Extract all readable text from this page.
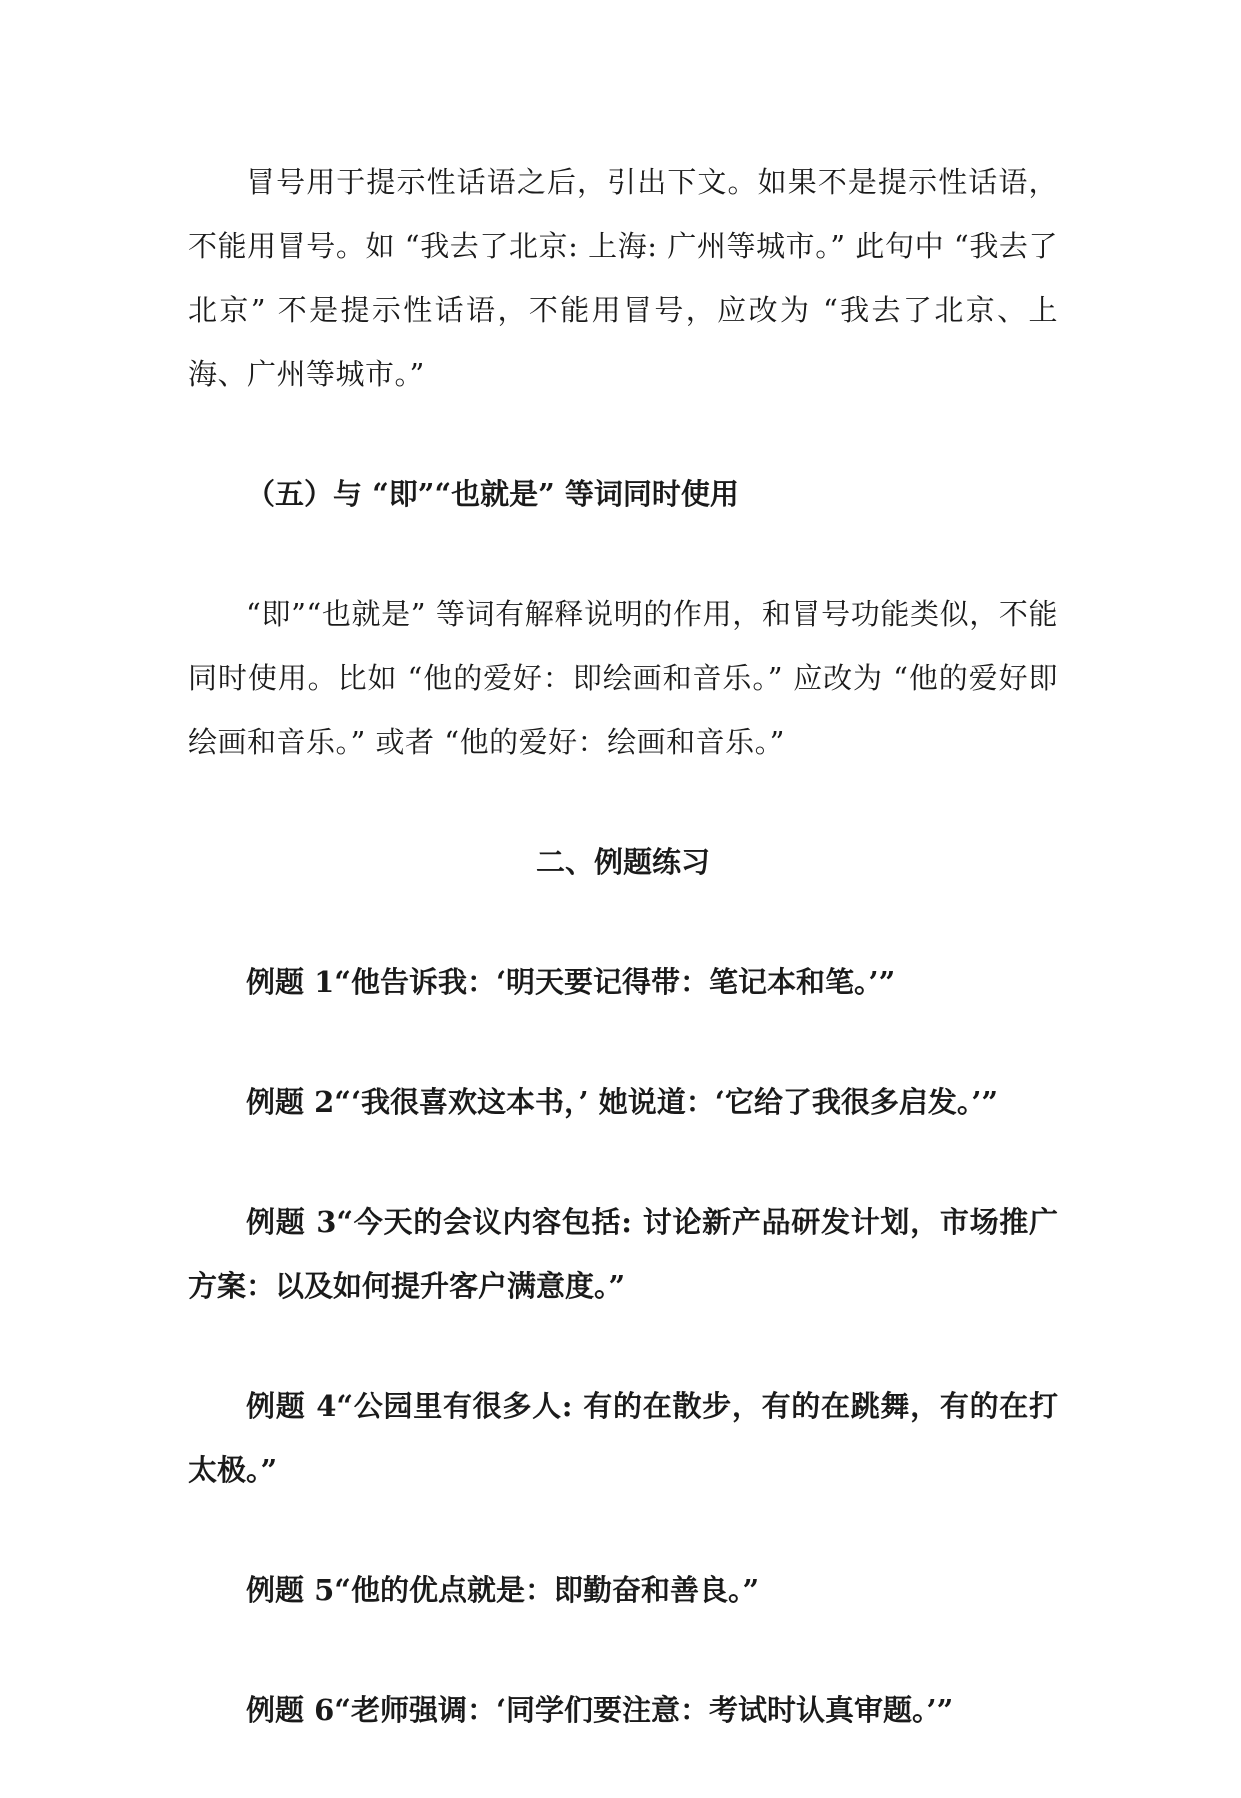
冒号用于提示性话语之后，引出下文。如果不是提示性话语，不能用冒号。如 “我去了北京: 上海: 广州等城市。” 此句中 “我去了北京” 不是提示性话语，不能用冒号，应改为 “我去了北京、上海、广州等城市。”

（五）与 “即”“也就是” 等词同时使用

“即”“也就是” 等词有解释说明的作用，和冒号功能类似，不能同时使用。比如 “他的爱好：即绘画和音乐。” 应改为 “他的爱好即绘画和音乐。” 或者 “他的爱好：绘画和音乐。”

二、例题练习

例题 1“他告诉我：‘明天要记得带：笔记本和笔。’”

例题 2“‘我很喜欢这本书，’ 她说道：‘它给了我很多启发。’”

例题 3“今天的会议内容包括: 讨论新产品研发计划，市场推广方案：以及如何提升客户满意度。”

例题 4“公园里有很多人: 有的在散步，有的在跳舞，有的在打太极。”

例题 5“他的优点就是：即勤奋和善良。”

例题 6“老师强调：‘同学们要注意：考试时认真审题。’”
